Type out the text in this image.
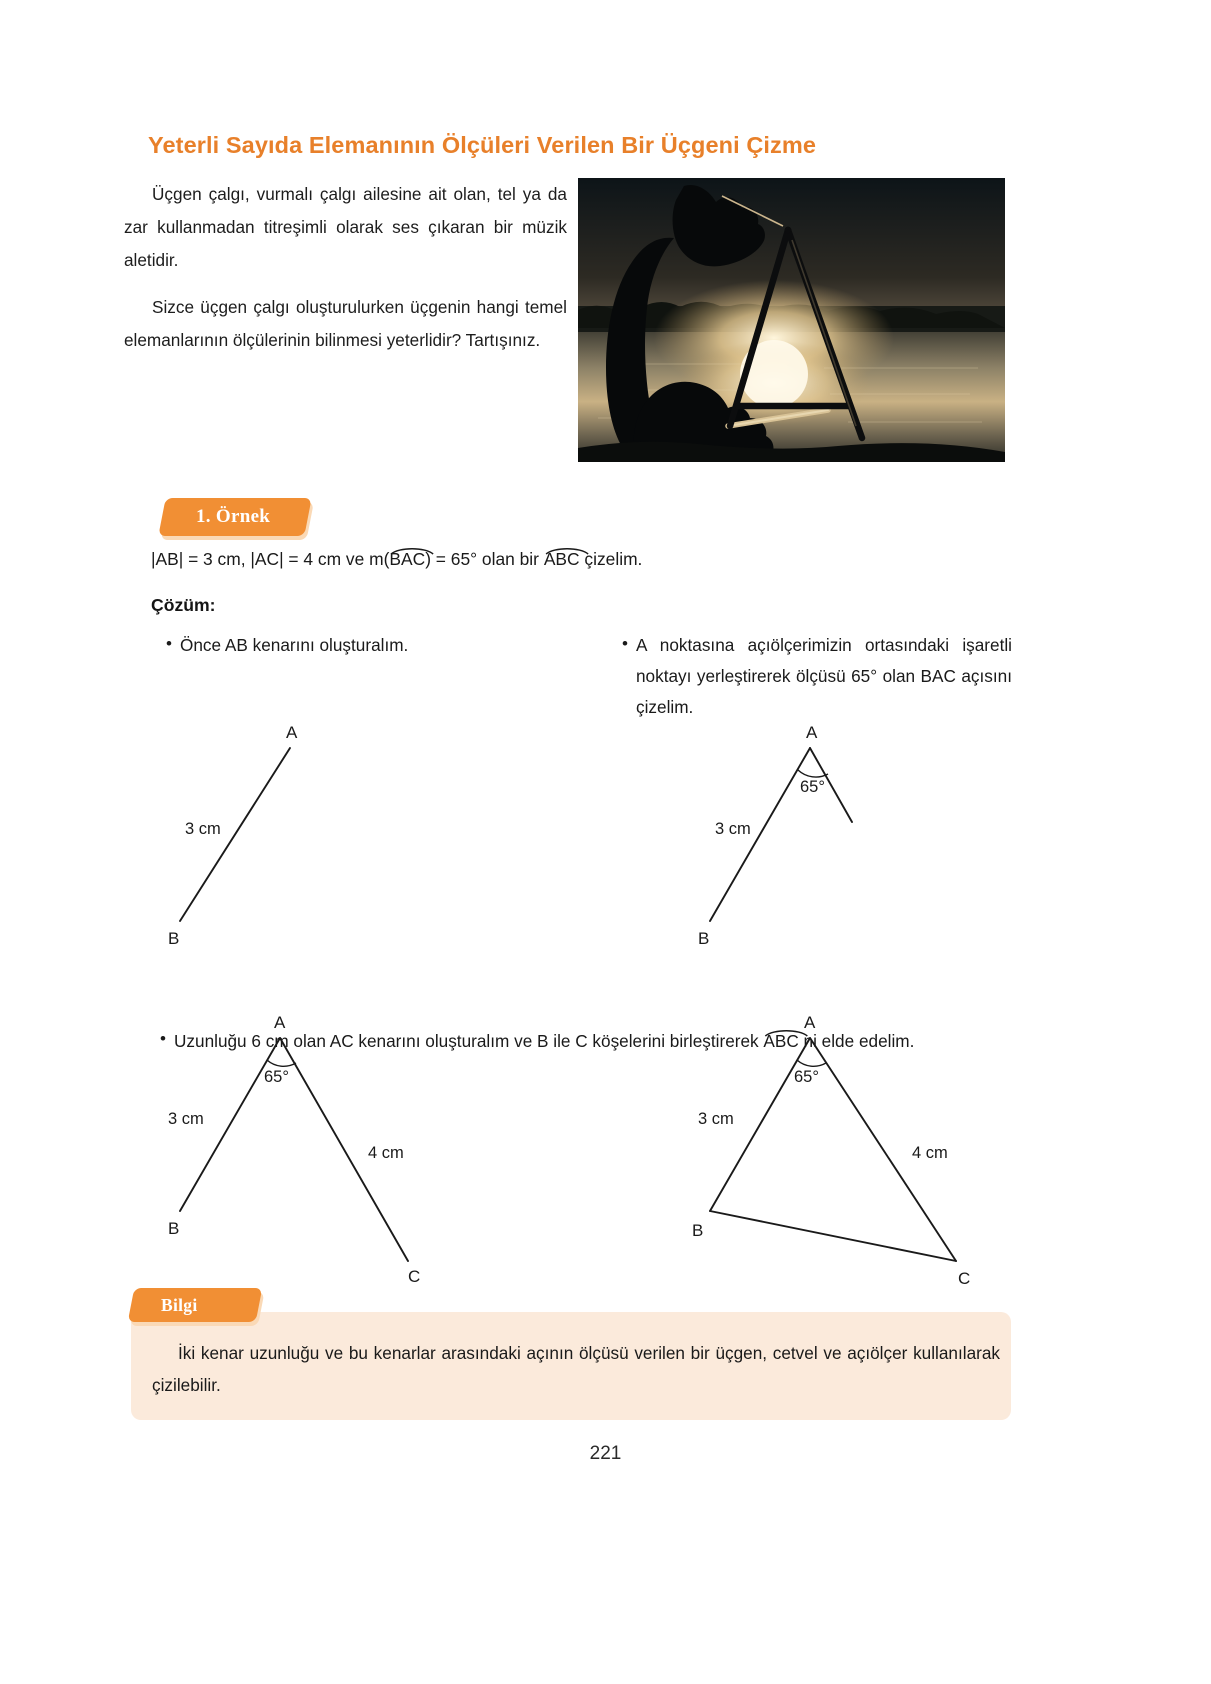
Yeterli Sayıda Elemanının Ölçüleri Verilen Bir Üçgeni Çizme

Üçgen çalgı, vurmalı çalgı ailesine ait olan, tel ya da zar kullanmadan titreşimli olarak ses çıkaran bir müzik aletidir.

Sizce üçgen çalgı oluşturulurken üçgenin hangi temel elemanlarının ölçülerinin bilinmesi yeterlidir? Tartışınız.

1. Örnek
|AB| = 3 cm, |AC| = 4 cm ve m(
BAC) = 65° olan bir
ABC çizelim.
Çözüm:
• Önce AB kenarını oluşturalım.	• A noktasına açıölçerimizin ortasındaki işaretli noktayı yerleştirerek ölçüsü 65° olan BAC açısını çizelim.
A
B
3 cm
A
B
3 cm
65°
• Uzunluğu 6 cm olan AC kenarını oluşturalım ve B ile C köşelerini birleştirerek
ABC ni elde edelim.
A
B
C
3 cm
4 cm
65°
A
B
C
3 cm
4 cm
65°
Bilgi
İki kenar uzunluğu ve bu kenarlar arasındaki açının ölçüsü verilen bir üçgen, cetvel ve açıölçer kullanılarak çizilebilir.
221
